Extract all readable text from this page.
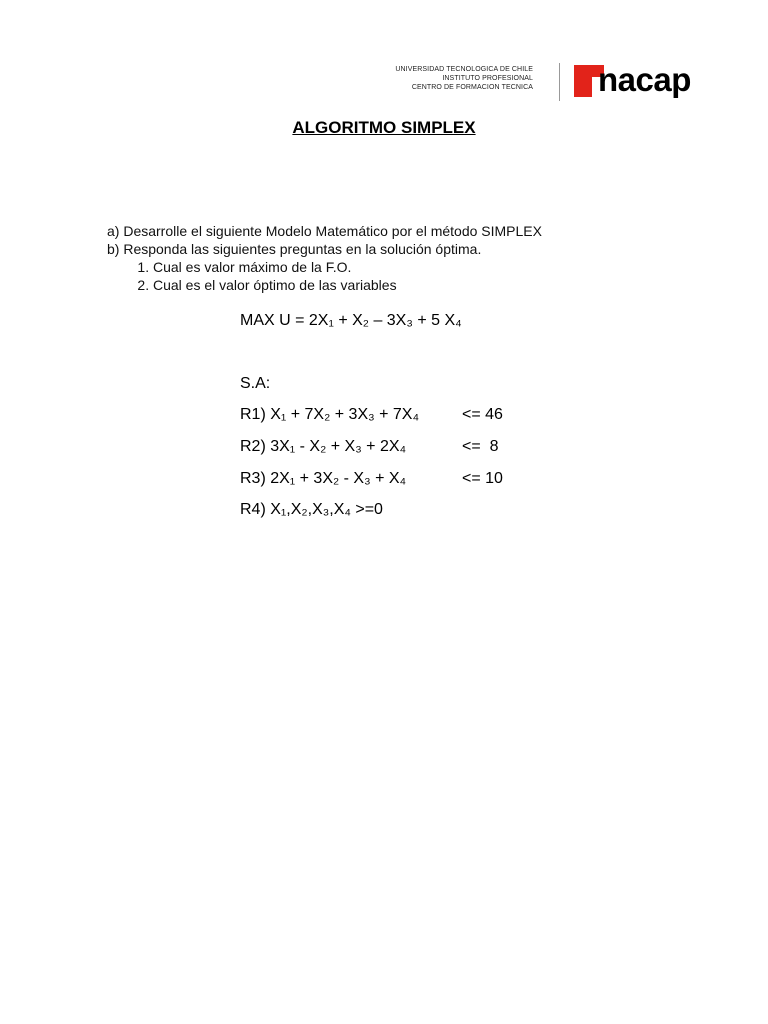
UNIVERSIDAD TECNOLOGICA DE CHILE
INSTITUTO PROFESIONAL
CENTRO DE FORMACION TECNICA nacap
ALGORITMO SIMPLEX
a) Desarrolle el siguiente Modelo Matemático por el método SIMPLEX
b) Responda las siguientes preguntas en la solución óptima.
1. Cual es valor máximo de la F.O.
2. Cual es el valor óptimo de las variables
MAX U = 2X₁ + X₂ – 3X₃ + 5 X₄
S.A:
R1) X₁ + 7X₂ + 3X₃ + 7X₄	<= 46
R2) 3X₁ - X₂ + X₃ + 2X₄	<=  8
R3) 2X₁ + 3X₂ - X₃ + X₄	<= 10
R4) X₁,X₂,X₃,X₄ >=0
